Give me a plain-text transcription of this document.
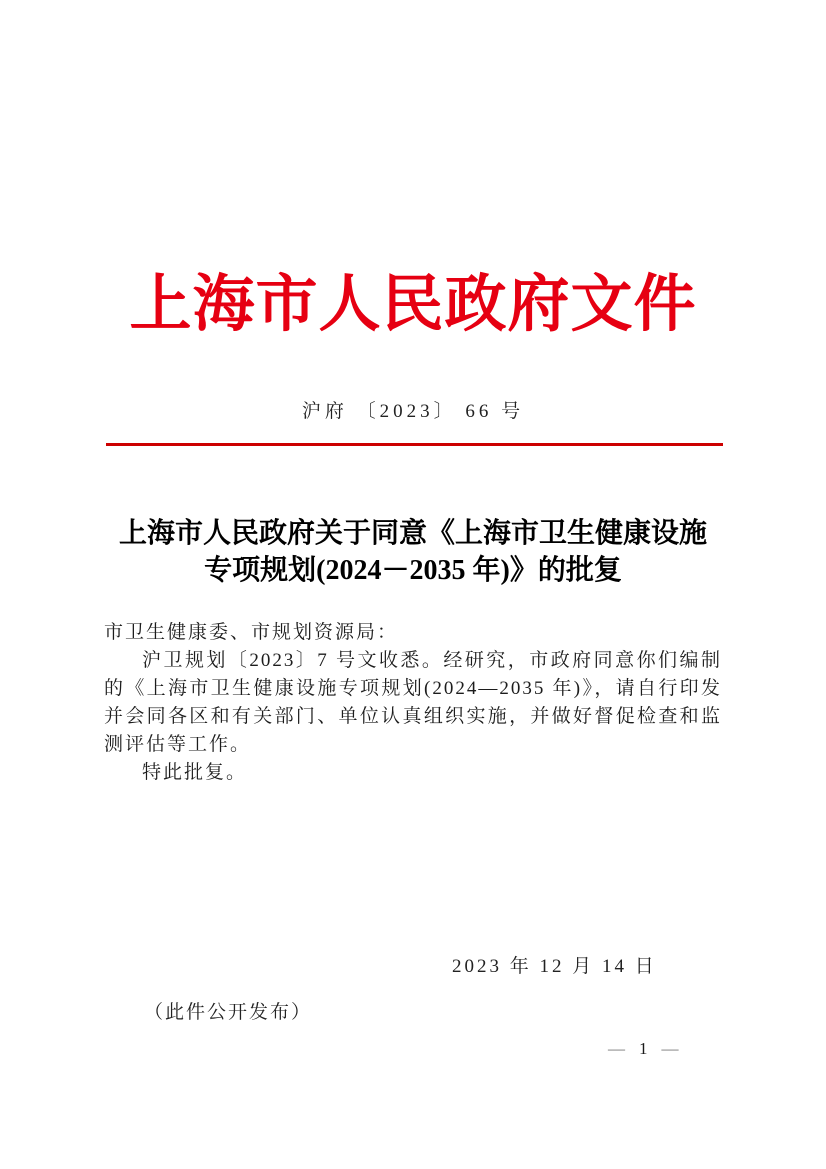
上海市人民政府文件
沪府 〔2023〕 66 号
上海市人民政府关于同意《上海市卫生健康设施
专项规划(2024－2035 年)》的批复

市卫生健康委、市规划资源局：

沪卫规划〔2023〕7 号文收悉。经研究，市政府同意你们编制的《上海市卫生健康设施专项规划(2024—2035 年)》，请自行印发并会同各区和有关部门、单位认真组织实施，并做好督促检查和监测评估等工作。

特此批复。

2023 年 12 月 14 日
（此件公开发布）
— 1 —
